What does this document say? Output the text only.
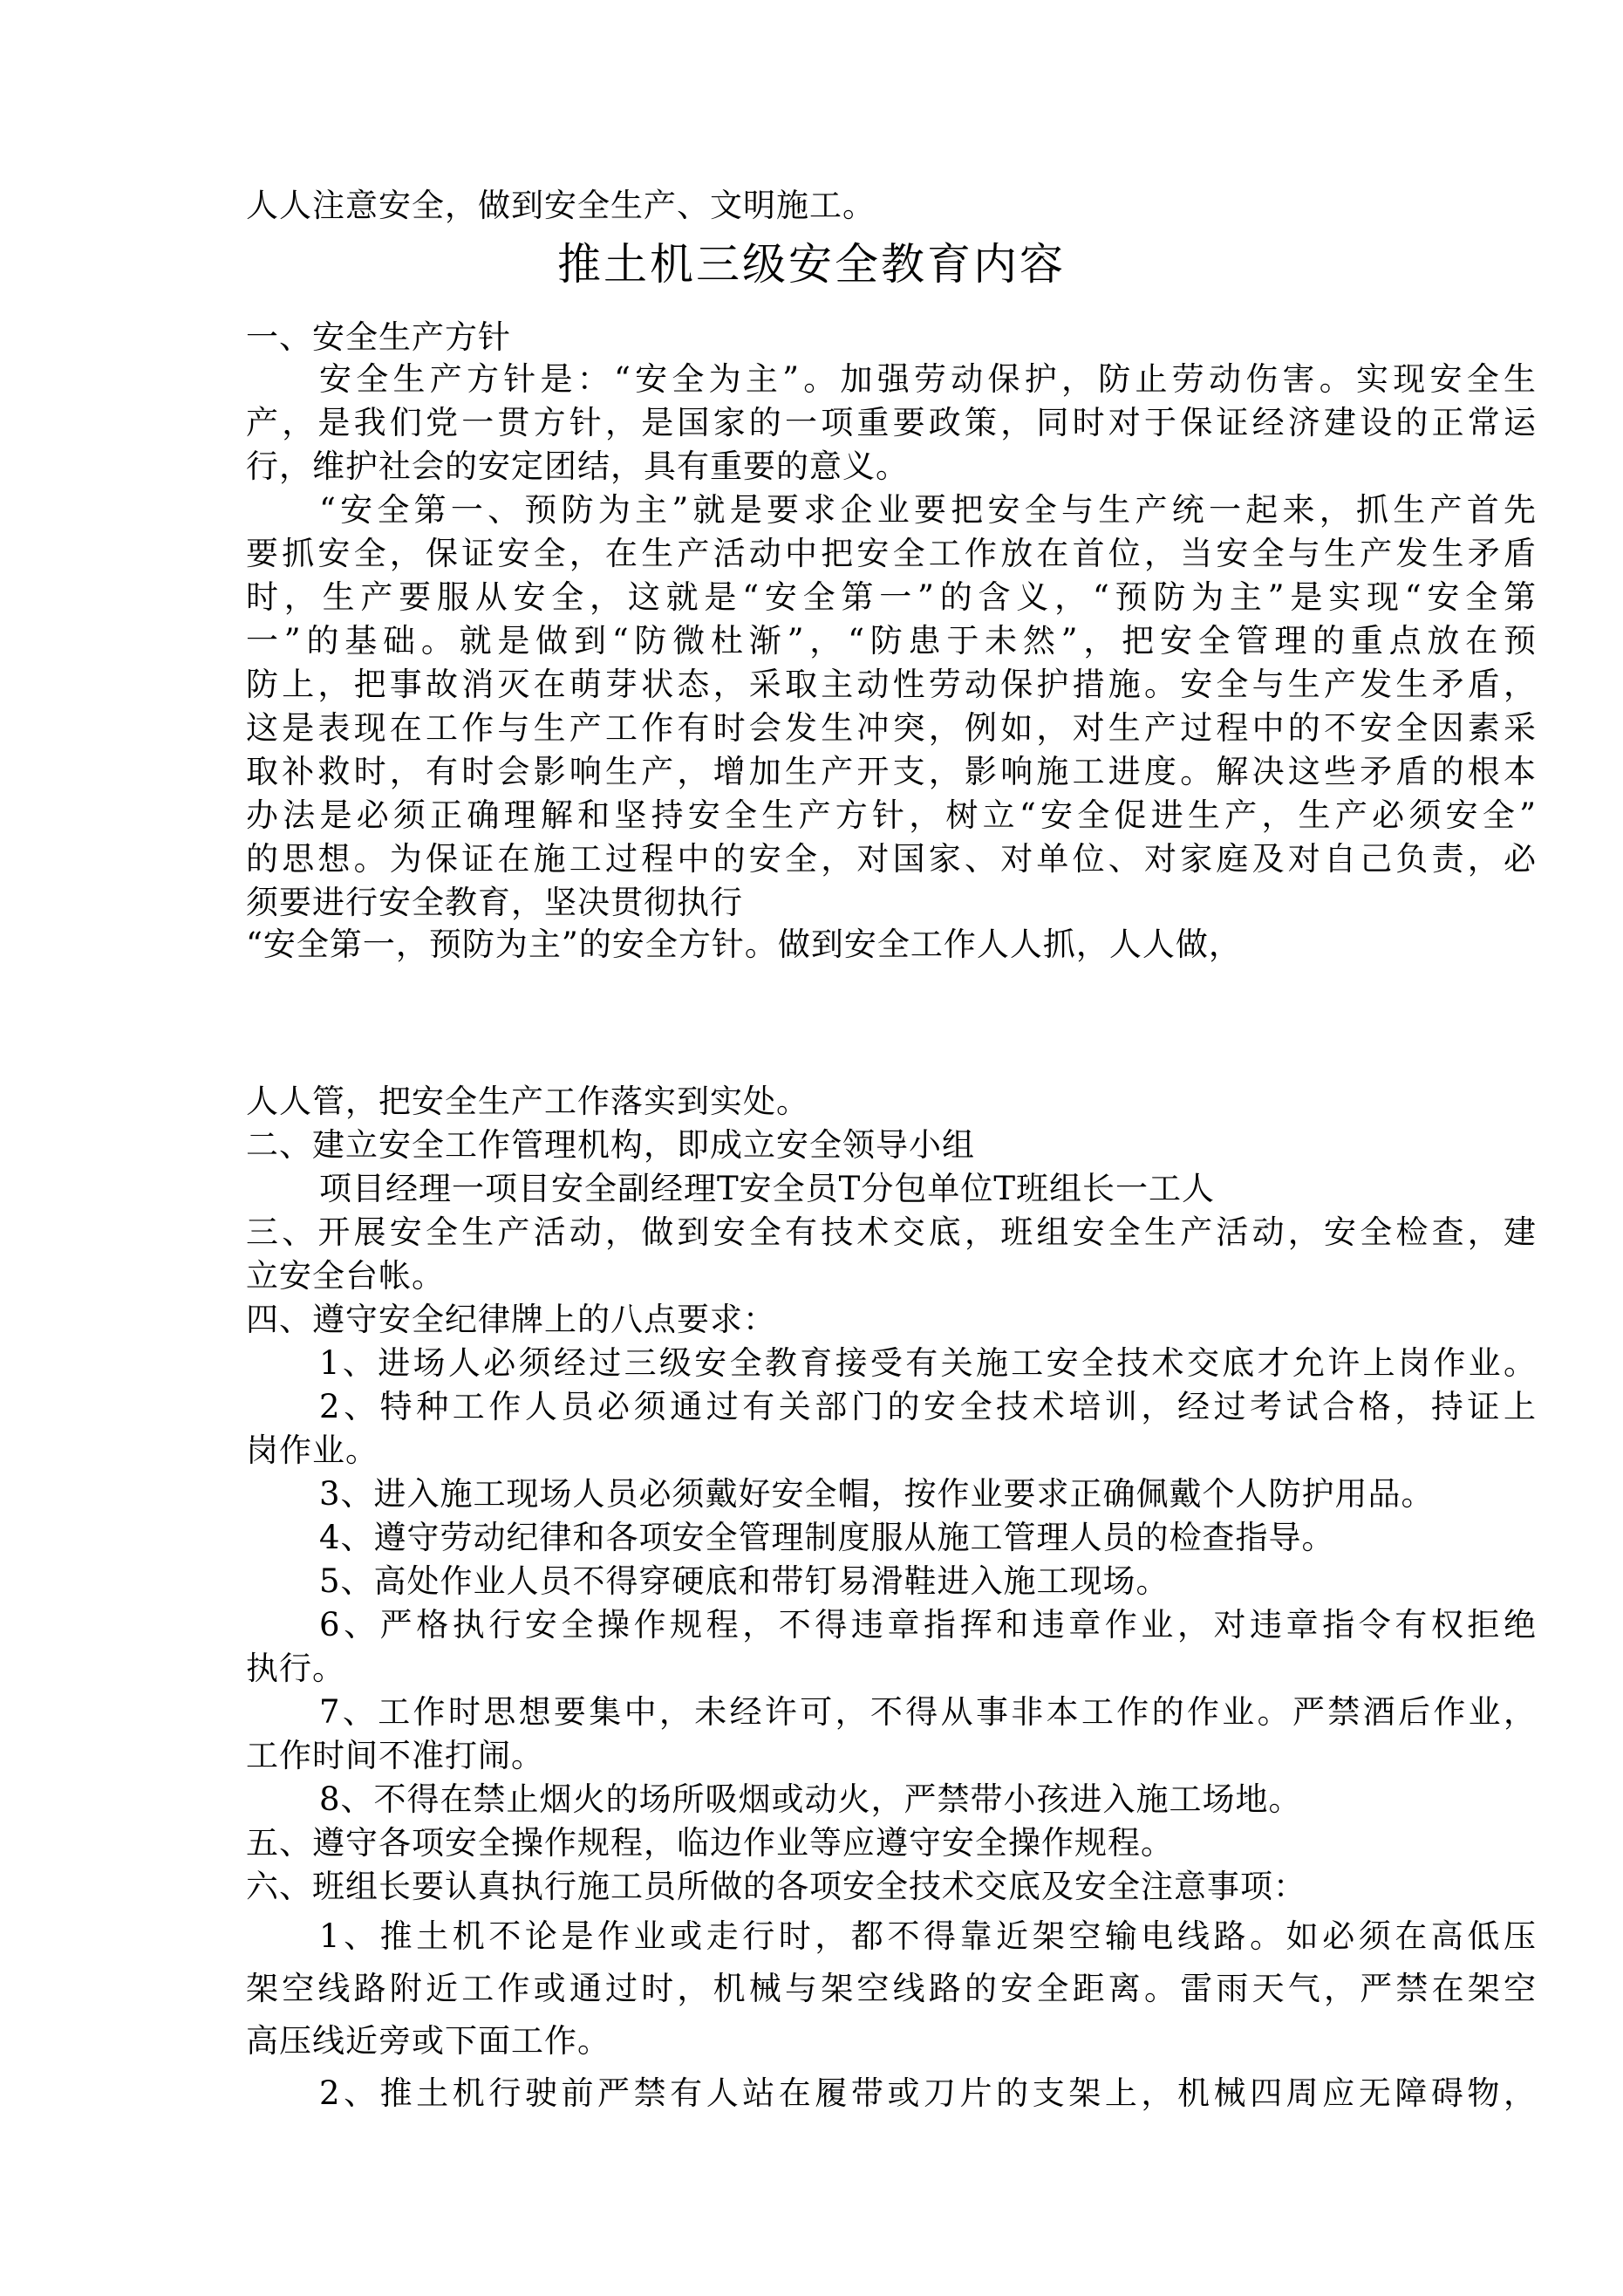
人人注意安全，做到安全生产、文明施工。
推土机三级安全教育内容
一、安全生产方针
安全生产方针是：“安全为主”。加强劳动保护，防止劳动伤害。实现安全生
产，是我们党一贯方针，是国家的一项重要政策，同时对于保证经济建设的正常运
行，维护社会的安定团结，具有重要的意义。
“安全第一、预防为主”就是要求企业要把安全与生产统一起来，抓生产首先
要抓安全，保证安全，在生产活动中把安全工作放在首位，当安全与生产发生矛盾
时，生产要服从安全，这就是“安全第一”的含义，“预防为主”是实现“安全第
一”的基础。就是做到“防微杜渐”，“防患于未然”，把安全管理的重点放在预
防上，把事故消灭在萌芽状态，采取主动性劳动保护措施。安全与生产发生矛盾，
这是表现在工作与生产工作有时会发生冲突，例如，对生产过程中的不安全因素采
取补救时，有时会影响生产，增加生产开支，影响施工进度。解决这些矛盾的根本
办法是必须正确理解和坚持安全生产方针，树立“安全促进生产，生产必须安全”
的思想。为保证在施工过程中的安全，对国家、对单位、对家庭及对自己负责，必
须要进行安全教育，坚决贯彻执行
“安全第一，预防为主”的安全方针。做到安全工作人人抓，人人做，
人人管，把安全生产工作落实到实处。
二、建立安全工作管理机构，即成立安全领导小组
项目经理一项目安全副经理T安全员T分包单位T班组长一工人
三、开展安全生产活动，做到安全有技术交底，班组安全生产活动，安全检查，建
立安全台帐。
四、遵守安全纪律牌上的八点要求：
1、进场人必须经过三级安全教育接受有关施工安全技术交底才允许上岗作业。
2、特种工作人员必须通过有关部门的安全技术培训，经过考试合格，持证上
岗作业。
3、进入施工现场人员必须戴好安全帽，按作业要求正确佩戴个人防护用品。
4、遵守劳动纪律和各项安全管理制度服从施工管理人员的检查指导。
5、高处作业人员不得穿硬底和带钉易滑鞋进入施工现场。
6、严格执行安全操作规程，不得违章指挥和违章作业，对违章指令有权拒绝
执行。
7、工作时思想要集中，未经许可，不得从事非本工作的作业。严禁酒后作业，
工作时间不准打闹。
8、不得在禁止烟火的场所吸烟或动火，严禁带小孩进入施工场地。
五、遵守各项安全操作规程，临边作业等应遵守安全操作规程。
六、班组长要认真执行施工员所做的各项安全技术交底及安全注意事项：
1、推土机不论是作业或走行时，都不得靠近架空输电线路。如必须在高低压
架空线路附近工作或通过时，机械与架空线路的安全距离。雷雨天气，严禁在架空
高压线近旁或下面工作。
2、推土机行驶前严禁有人站在履带或刀片的支架上，机械四周应无障碍物，
